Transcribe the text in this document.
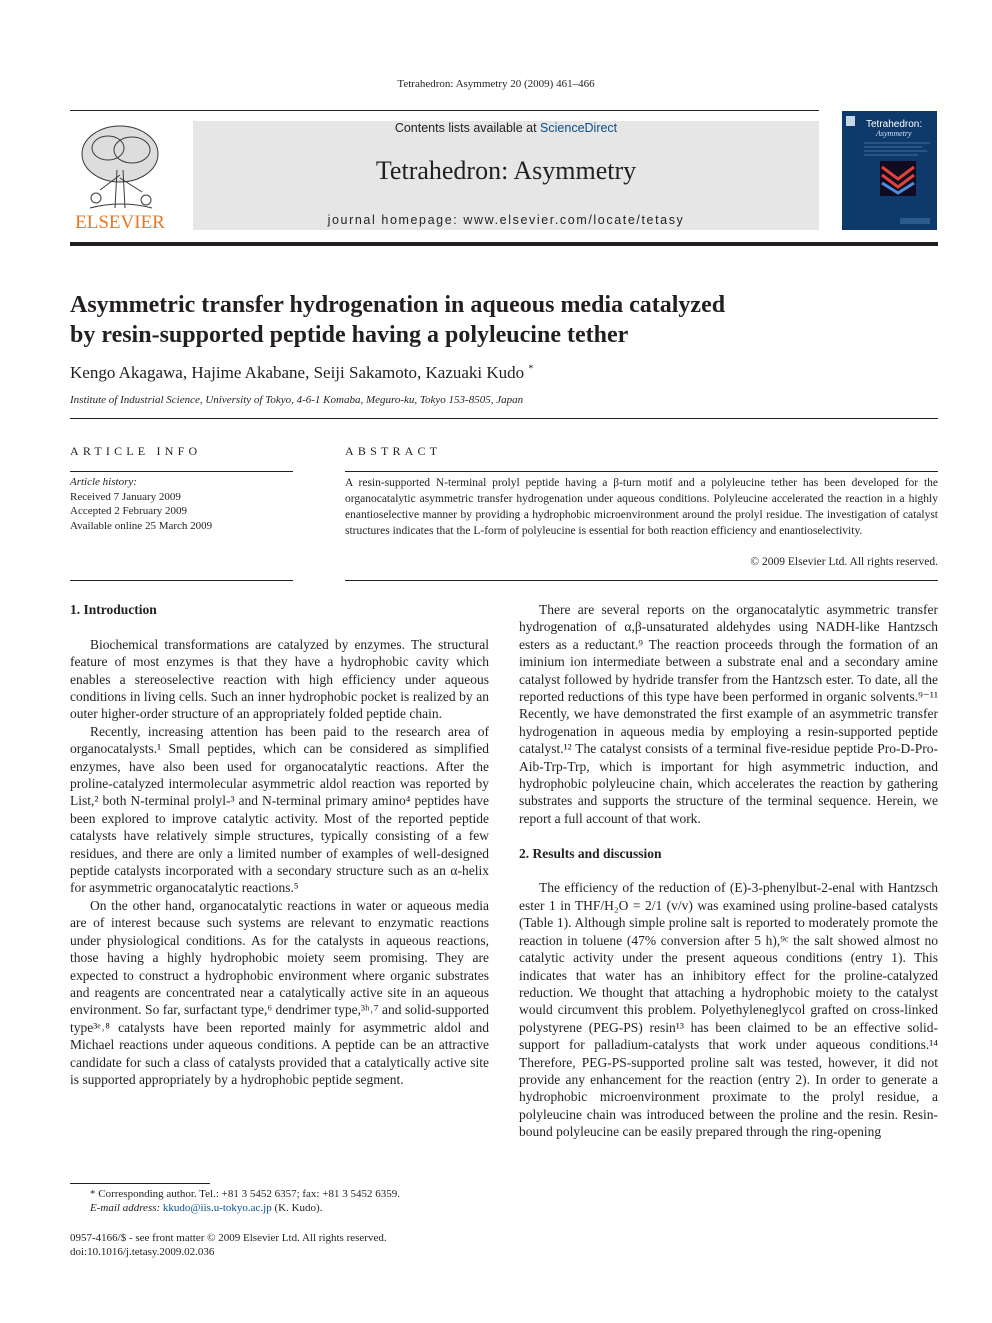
Tetrahedron: Asymmetry 20 (2009) 461–466
Contents lists available at ScienceDirect
Tetrahedron: Asymmetry
journal homepage: www.elsevier.com/locate/tetasy
ELSEVIER
Tetrahedron:
Asymmetry
Asymmetric transfer hydrogenation in aqueous media catalyzed
by resin-supported peptide having a polyleucine tether
Kengo Akagawa, Hajime Akabane, Seiji Sakamoto, Kazuaki Kudo *
Institute of Industrial Science, University of Tokyo, 4-6-1 Komaba, Meguro-ku, Tokyo 153-8505, Japan
ARTICLE INFO	ABSTRACT
Article history:
Received 7 January 2009
Accepted 2 February 2009
Available online 25 March 2009
A resin-supported N-terminal prolyl peptide having a β-turn motif and a polyleucine tether has been developed for the organocatalytic asymmetric transfer hydrogenation under aqueous conditions. Polyleucine accelerated the reaction in a highly enantioselective manner by providing a hydrophobic microenvironment around the prolyl residue. The investigation of catalyst structures indicates that the L-form of polyleucine is essential for both reaction efficiency and enantioselectivity.
© 2009 Elsevier Ltd. All rights reserved.
1. Introduction

Biochemical transformations are catalyzed by enzymes. The structural feature of most enzymes is that they have a hydrophobic cavity which enables a stereoselective reaction with high efficiency under aqueous conditions in living cells. Such an inner hydrophobic pocket is realized by an outer higher-order structure of an appropriately folded peptide chain.

Recently, increasing attention has been paid to the research area of organocatalysts.¹ Small peptides, which can be considered as simplified enzymes, have also been used for organocatalytic reactions. After the proline-catalyzed intermolecular asymmetric aldol reaction was reported by List,² both N-terminal prolyl-³ and N-terminal primary amino⁴ peptides have been explored to improve catalytic activity. Most of the reported peptide catalysts have relatively simple structures, typically consisting of a few residues, and there are only a limited number of examples of well-designed peptide catalysts incorporated with a secondary structure such as an α-helix for asymmetric organocatalytic reactions.⁵

On the other hand, organocatalytic reactions in water or aqueous media are of interest because such systems are relevant to enzymatic reactions under physiological conditions. As for the catalysts in aqueous reactions, those having a highly hydrophobic moiety seem promising. They are expected to construct a hydrophobic environment where organic substrates and reagents are concentrated near a catalytically active site in an aqueous environment. So far, surfactant type,⁶ dendrimer type,³ʰ˒⁷ and solid-supported type³ᵉ˒⁸ catalysts have been reported mainly for asymmetric aldol and Michael reactions under aqueous conditions. A peptide can be an attractive candidate for such a class of catalysts provided that a catalytically active site is supported appropriately by a hydrophobic peptide segment.

There are several reports on the organocatalytic asymmetric transfer hydrogenation of α,β-unsaturated aldehydes using NADH-like Hantzsch esters as a reductant.⁹ The reaction proceeds through the formation of an iminium ion intermediate between a substrate enal and a secondary amine catalyst followed by hydride transfer from the Hantzsch ester. To date, all the reported reductions of this type have been performed in organic solvents.⁹⁻¹¹ Recently, we have demonstrated the first example of an asymmetric transfer hydrogenation in aqueous media by employing a resin-supported peptide catalyst.¹² The catalyst consists of a terminal five-residue peptide Pro-D-Pro-Aib-Trp-Trp, which is important for high asymmetric induction, and hydrophobic polyleucine chain, which accelerates the reaction by gathering substrates and supports the structure of the terminal sequence. Herein, we report a full account of that work.

2. Results and discussion

The efficiency of the reduction of (E)-3-phenylbut-2-enal with Hantzsch ester 1 in THF/H₂O = 2/1 (v/v) was examined using proline-based catalysts (Table 1). Although simple proline salt is reported to moderately promote the reaction in toluene (47% conversion after 5 h),⁹ᶜ the salt showed almost no catalytic activity under the present aqueous conditions (entry 1). This indicates that water has an inhibitory effect for the proline-catalyzed reduction. We thought that attaching a hydrophobic moiety to the catalyst would circumvent this problem. Polyethyleneglycol grafted on cross-linked polystyrene (PEG-PS) resin¹³ has been claimed to be an effective solid-support for palladium-catalysts that work under aqueous conditions.¹⁴ Therefore, PEG-PS-supported proline salt was tested, however, it did not provide any enhancement for the reaction (entry 2). In order to generate a hydrophobic microenvironment proximate to the prolyl residue, a polyleucine chain was introduced between the proline and the resin. Resin-bound polyleucine can be easily prepared through the ring-opening

* Corresponding author. Tel.: +81 3 5452 6357; fax: +81 3 5452 6359.
E-mail address: kkudo@iis.u-tokyo.ac.jp (K. Kudo).
0957-4166/$ - see front matter © 2009 Elsevier Ltd. All rights reserved.
doi:10.1016/j.tetasy.2009.02.036
